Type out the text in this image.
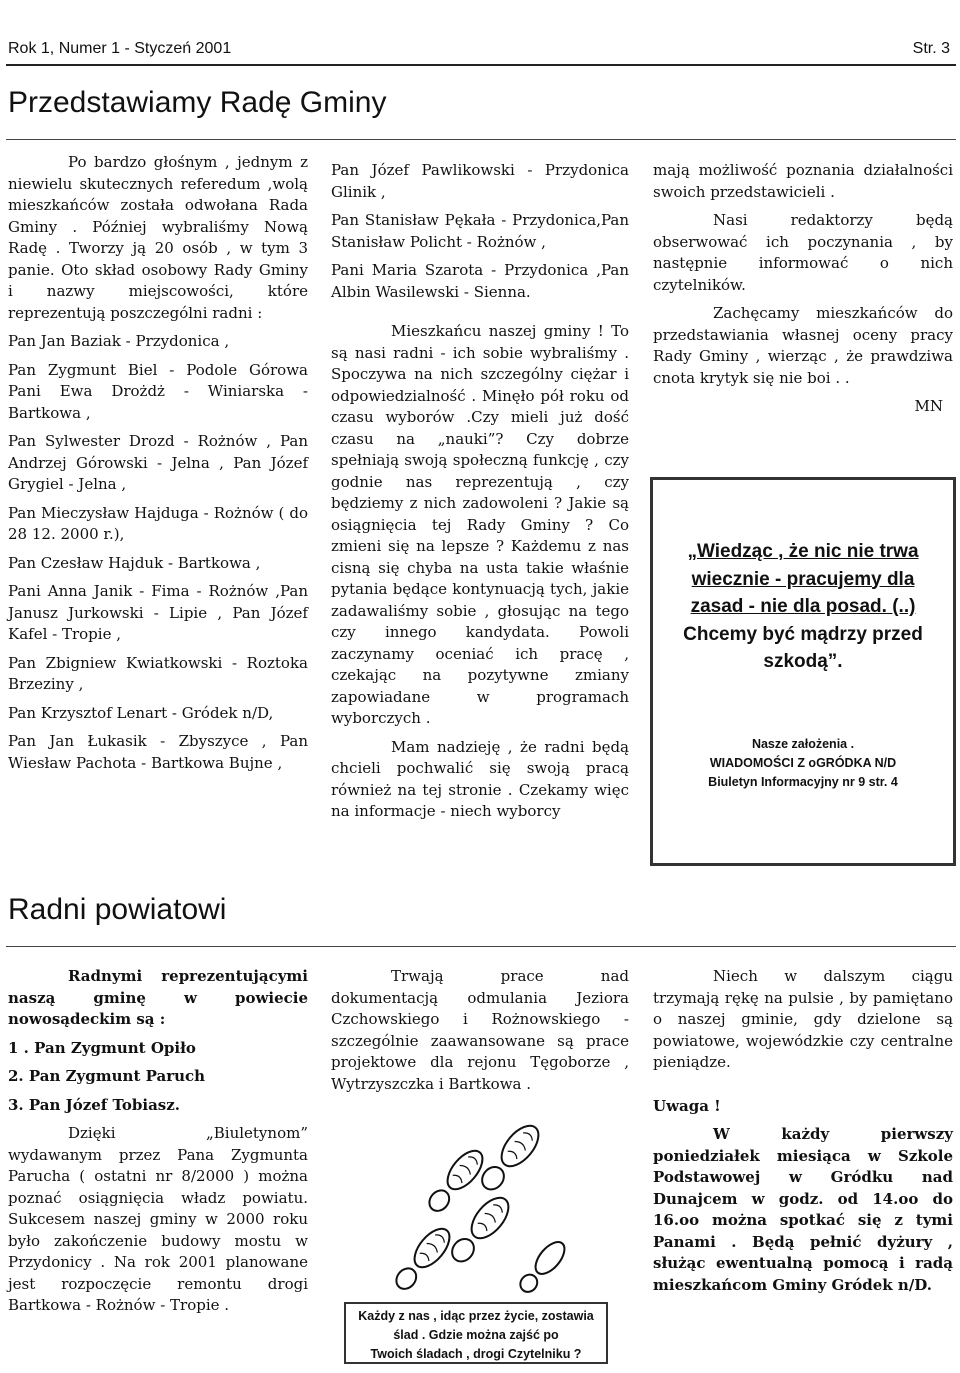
Rok 1, Numer 1 - Styczeń 2001	Str. 3
Przedstawiamy Radę Gminy

Po bardzo głośnym , jednym z niewielu skutecznych referedum ,wolą mieszkańców została odwołana Rada Gminy . Później wybraliśmy Nową Radę . Tworzy ją 20 osób , w tym 3 panie. Oto skład osobowy Rady Gminy i nazwy miejscowości, które reprezentują poszczególni radni :

Pan Jan Baziak - Przydonica ,

Pan Zygmunt Biel - Podole Górowa Pani Ewa Drożdż - Winiarska - Bartkowa ,

Pan Sylwester Drozd - Rożnów , Pan Andrzej Górowski - Jelna , Pan Józef Grygiel - Jelna ,

Pan Mieczysław Hajduga - Rożnów ( do 28 12. 2000 r.),

Pan Czesław Hajduk - Bartkowa ,

Pani Anna Janik - Fima - Rożnów ,Pan Janusz Jurkowski - Lipie , Pan Józef Kafel - Tropie ,

Pan Zbigniew Kwiatkowski - Roztoka Brzeziny ,

Pan Krzysztof Lenart - Gródek n/D,

Pan Jan Łukasik - Zbyszyce , Pan Wiesław Pachota - Bartkowa Bujne ,

Pan Józef Pawlikowski - Przydonica Glinik ,

Pan Stanisław Pękała - Przydonica,Pan Stanisław Policht - Rożnów ,

Pani Maria Szarota - Przydonica ,Pan Albin Wasilewski - Sienna.

Mieszkańcu naszej gminy ! To są nasi radni - ich sobie wybraliśmy . Spoczywa na nich szczególny ciężar i odpowiedzialność . Minęło pół roku od czasu wyborów .Czy mieli już dość czasu na „nauki”? Czy dobrze spełniają swoją społeczną funkcję , czy godnie nas reprezentują , czy będziemy z nich zadowoleni ? Jakie są osiągnięcia tej Rady Gminy ? Co zmieni się na lepsze ? Każdemu z nas cisną się chyba na usta takie właśnie pytania będące kontynuacją tych, jakie zadawaliśmy sobie , głosując na tego czy innego kandydata. Powoli zaczynamy oceniać ich pracę , czekając na pozytywne zmiany zapowiadane w programach wyborczych .

Mam nadzieję , że radni będą chcieli pochwalić się swoją pracą również na tej stronie . Czekamy więc na informacje - niech wyborcy

mają możliwość poznania działalności swoich przedstawicieli .

Nasi redaktorzy będą obserwować ich poczynania , by następnie informować o nich czytelników.

Zachęcamy mieszkańców do przedstawiania własnej oceny pracy Rady Gminy , wierząc , że prawdziwa cnota krytyk się nie boi . .

MN

„Wiedząc , że nic nie trwa
wiecznie - pracujemy dla
zasad - nie dla posad. (..)
Chcemy być mądrzy przed
szkodą”.
Nasze założenia .
WIADOMOŚCI Z oGRÓDKA N/D
Biuletyn Informacyjny nr 9 str. 4
Radni powiatowi

Radnymi reprezentującymi naszą gminę w powiecie nowosądeckim są :

1 . Pan Zygmunt Opiło

2. Pan Zygmunt Paruch

3. Pan Józef Tobiasz.

Dzięki „Biuletynom” wydawanym przez Pana Zygmunta Parucha ( ostatni nr 8/2000 ) można poznać osiągnięcia władz powiatu. Sukcesem naszej gminy w 2000 roku było zakończenie budowy mostu w Przydonicy . Na rok 2001 planowane jest rozpoczęcie remontu drogi Bartkowa - Rożnów - Tropie .

Trwają prace nad dokumentacją odmulania Jeziora Czchowskiego i Rożnowskiego - szczególnie zaawansowane są prace projektowe dla rejonu Tęgoborze , Wytrzyszczka i Bartkowa .

Każdy z nas , idąc przez życie, zostawia ślad . Gdzie można zajść po
Twoich śladach , drogi Czytelniku ?

Niech w dalszym ciągu trzymają rękę na pulsie , by pamiętano o naszej gminie, gdy dzielone są powiatowe, wojewódzkie czy centralne pieniądze.

Uwaga !

W każdy pierwszy poniedziałek miesiąca w Szkole Podstawowej w Gródku nad Dunajcem w godz. od 14.oo do 16.oo można spotkać się z tymi Panami . Będą pełnić dyżury , służąc ewentualną pomocą i radą mieszkańcom Gminy Gródek n/D.
